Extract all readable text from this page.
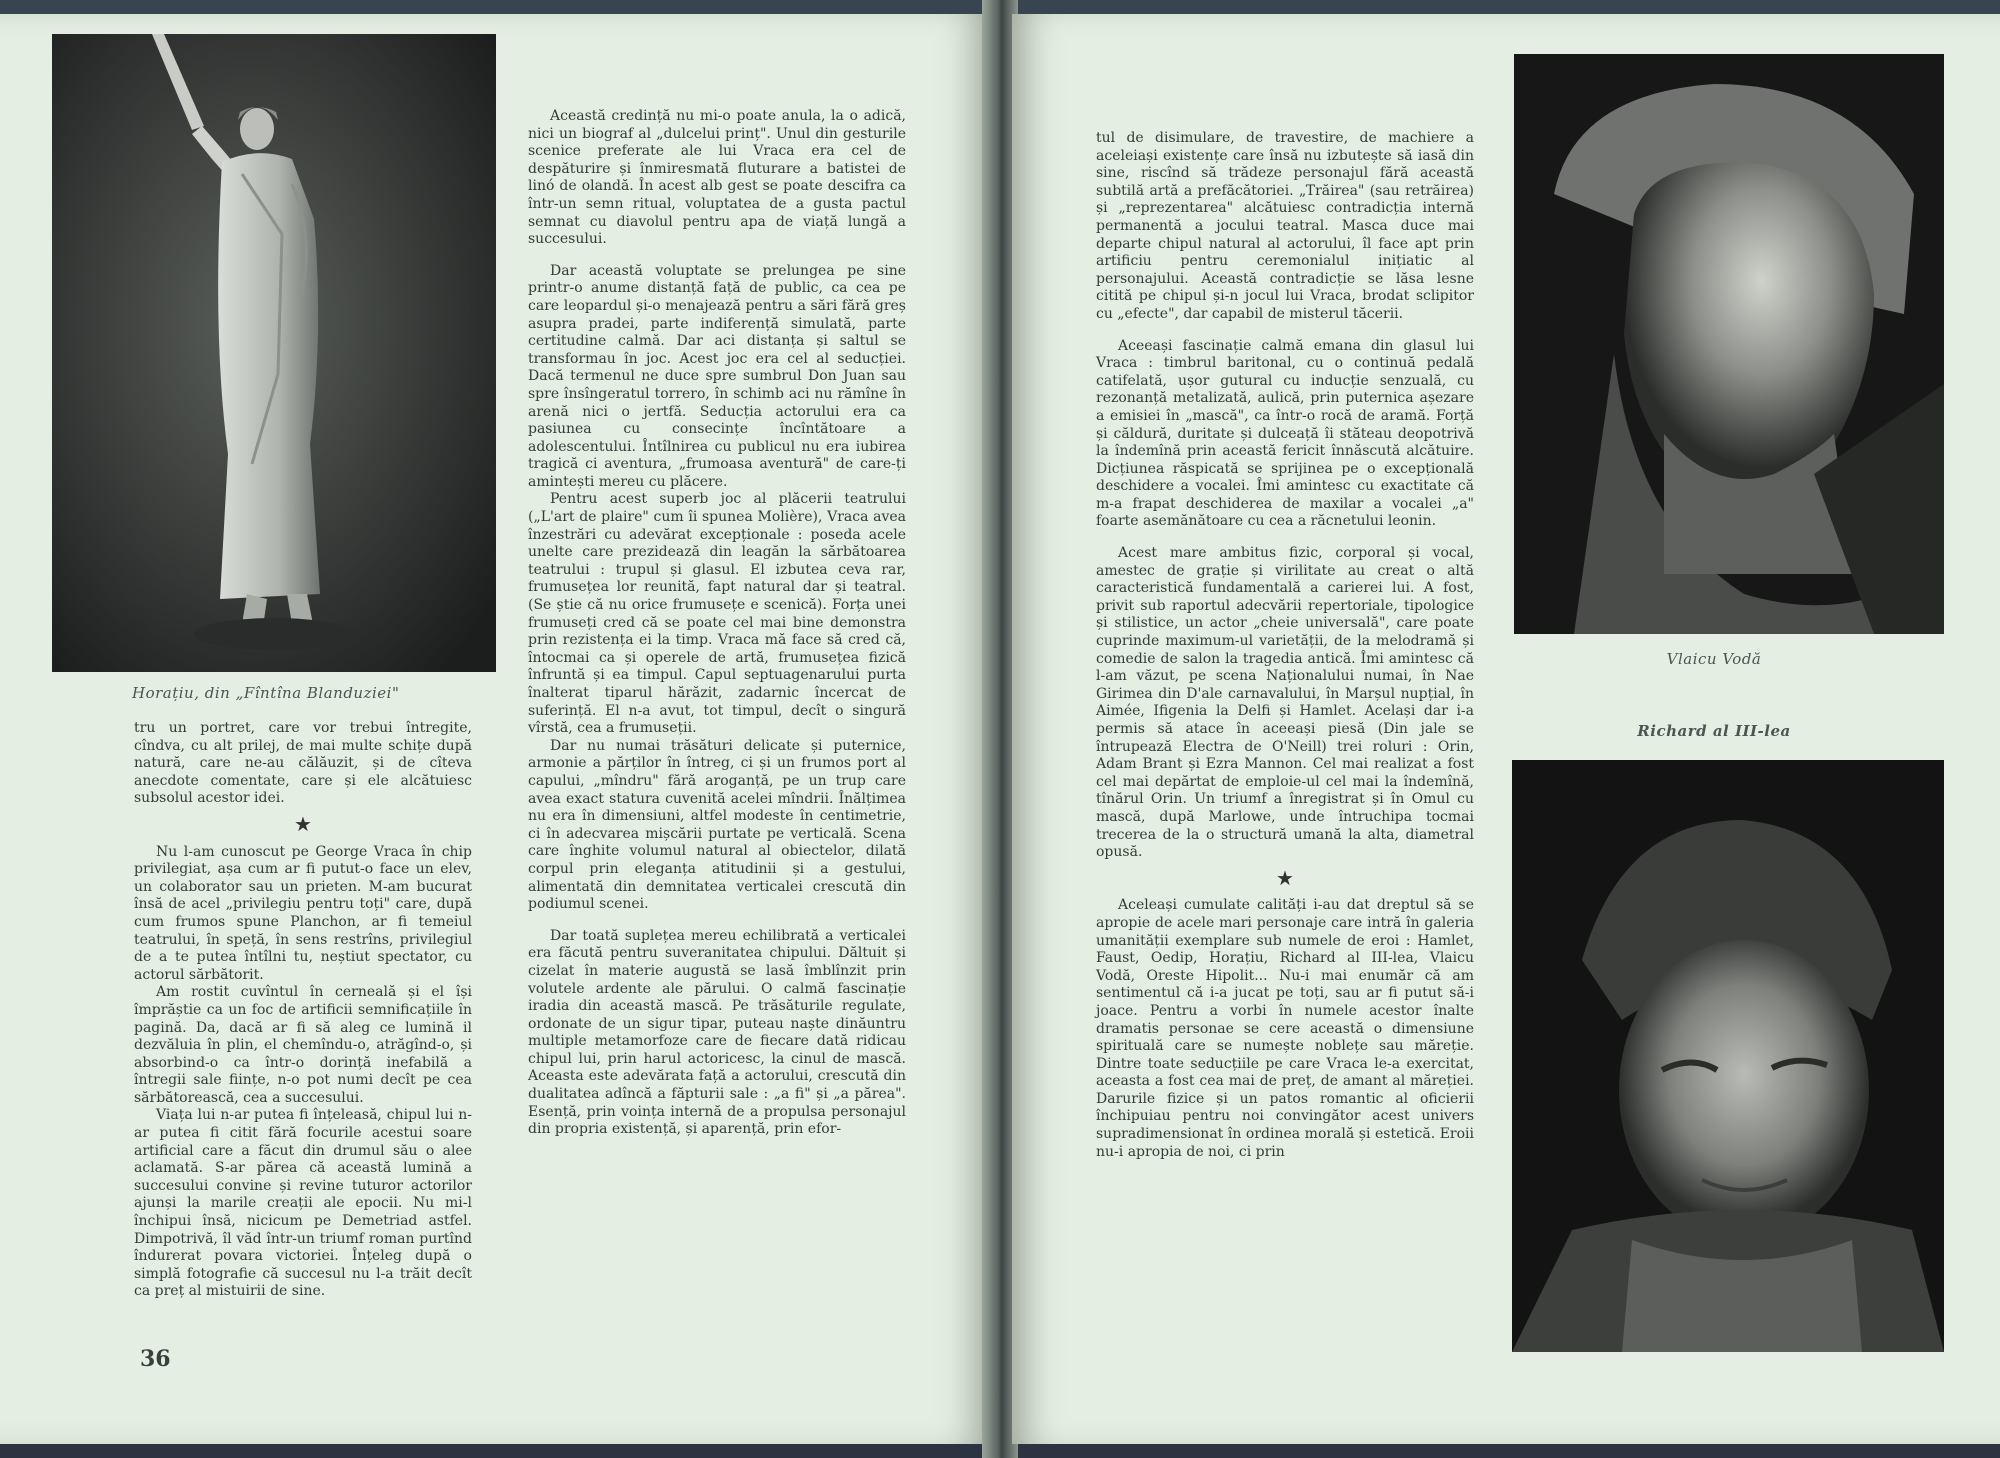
Horațiu, din „Fîntîna Blanduziei"

tru un portret, care vor trebui întregite, cîndva, cu alt prilej, de mai multe schițe după natură, care ne-au călăuzit, și de cîteva anecdote comentate, care și ele alcătuiesc subsolul acestor idei.

★

Nu l-am cunoscut pe George Vraca în chip privilegiat, așa cum ar fi putut-o face un elev, un colaborator sau un prieten. M-am bucurat însă de acel „privilegiu pentru toți" care, după cum frumos spune Planchon, ar fi temeiul teatrului, în speță, în sens restrîns, privilegiul de a te putea întîlni tu, neștiut spectator, cu actorul sărbătorit.

Am rostit cuvîntul în cerneală și el își împrăștie ca un foc de artificii semnificațiile în pagină. Da, dacă ar fi să aleg ce lumină il dezvăluia în plin, el chemîndu-o, atrăgînd-o, și absorbind-o ca într-o dorință inefabilă a întregii sale ființe, n-o pot numi decît pe cea sărbătorească, cea a succesului.

Viața lui n-ar putea fi înțeleasă, chipul lui n-ar putea fi citit fără focurile acestui soare artificial care a făcut din drumul său o alee aclamată. S-ar părea că această lumină a succesului convine și revine tuturor actorilor ajunși la marile creații ale epocii. Nu mi-l închipui însă, nicicum pe Demetriad astfel. Dimpotrivă, îl văd într-un triumf roman purtînd îndurerat povara victoriei. Înțeleg după o simplă fotografie că succesul nu l-a trăit decît ca preț al mistuirii de sine.

Această credință nu mi-o poate anula, la o adică, nici un biograf al „dulcelui prinț". Unul din gesturile scenice preferate ale lui Vraca era cel de despăturire și înmiresmată fluturare a batistei de linó de olandă. În acest alb gest se poate descifra ca într-un semn ritual, voluptatea de a gusta pactul semnat cu diavolul pentru apa de viață lungă a succesului.

Dar această voluptate se prelungea pe sine printr-o anume distanță față de public, ca cea pe care leopardul și-o menajează pentru a sări fără greș asupra pradei, parte indiferență simulată, parte certitudine calmă. Dar aci distanța și saltul se transformau în joc. Acest joc era cel al seducției. Dacă termenul ne duce spre sumbrul Don Juan sau spre însîngeratul torrero, în schimb aci nu rămîne în arenă nici o jertfă. Seducția actorului era ca pasiunea cu consecințe încîntătoare a adolescentului. Întîlnirea cu publicul nu era iubirea tragică ci aventura, „frumoasa aventură" de care-ți amintești mereu cu plăcere.

Pentru acest superb joc al plăcerii teatrului („L'art de plaire" cum îi spunea Molière), Vraca avea înzestrări cu adevărat excepționale : poseda acele unelte care prezidează din leagăn la sărbătoarea teatrului : trupul și glasul. El izbutea ceva rar, frumusețea lor reunită, fapt natural dar și teatral. (Se știe că nu orice frumusețe e scenică). Forța unei frumuseți cred că se poate cel mai bine demonstra prin rezistența ei la timp. Vraca mă face să cred că, întocmai ca și operele de artă, frumusețea fizică înfruntă și ea timpul. Capul septuagenarului purta înalterat tiparul hărăzit, zadarnic încercat de suferință. El n-a avut, tot timpul, decît o singură vîrstă, cea a frumuseții.

Dar nu numai trăsături delicate și puternice, armonie a părților în întreg, ci și un frumos port al capului, „mîndru" fără aroganță, pe un trup care avea exact statura cuvenită acelei mîndrii. Înălțimea nu era în dimensiuni, altfel modeste în centimetrie, ci în adecvarea mișcării purtate pe verticală. Scena care înghite volumul natural al obiectelor, dilată corpul prin eleganța atitudinii și a gestului, alimentată din demnitatea verticalei crescută din podiumul scenei.

Dar toată suplețea mereu echilibrată a verticalei era făcută pentru suveranitatea chipului. Dăltuit și cizelat în materie augustă se lasă îmblînzit prin volutele ardente ale părului. O calmă fascinație iradia din această mască. Pe trăsăturile regulate, ordonate de un sigur tipar, puteau naște dinăuntru multiple metamorfoze care de fiecare dată ridicau chipul lui, prin harul actoricesc, la cinul de mască. Aceasta este adevărata față a actorului, crescută din dualitatea adîncă a făpturii sale : „a fi" și „a părea". Esență, prin voința internă de a propulsa personajul din propria existență, și aparență, prin efor-

36

tul de disimulare, de travestire, de machiere a aceleiași existențe care însă nu izbutește să iasă din sine, riscînd să trădeze personajul fără această subtilă artă a prefăcătoriei. „Trăirea" (sau retrăirea) și „reprezentarea" alcătuiesc contradicția internă permanentă a jocului teatral. Masca duce mai departe chipul natural al actorului, îl face apt prin artificiu pentru ceremonialul inițiatic al personajului. Această contradicție se lăsa lesne citită pe chipul și-n jocul lui Vraca, brodat sclipitor cu „efecte", dar capabil de misterul tăcerii.

Aceeași fascinație calmă emana din glasul lui Vraca : timbrul baritonal, cu o continuă pedală catifelată, ușor gutural cu inducție senzuală, cu rezonanță metalizată, aulică, prin puternica așezare a emisiei în „mască", ca într-o rocă de aramă. Forță și căldură, duritate și dulceață îi stăteau deopotrivă la îndemînă prin această fericit înnăscută alcătuire. Dicțiunea răspicată se sprijinea pe o excepțională deschidere a vocalei. Îmi amintesc cu exactitate că m-a frapat deschiderea de maxilar a vocalei „a" foarte asemănătoare cu cea a răcnetului leonin.

Acest mare ambitus fizic, corporal și vocal, amestec de grație și virilitate au creat o altă caracteristică fundamentală a carierei lui. A fost, privit sub raportul adecvării repertoriale, tipologice și stilistice, un actor „cheie universală", care poate cuprinde maximum-ul varietății, de la melodramă și comedie de salon la tragedia antică. Îmi amintesc că l-am văzut, pe scena Naționalului numai, în Nae Girimea din D'ale carnavalului, în Marșul nupțial, în Aimée, Ifigenia la Delfi și Hamlet. Același dar i-a permis să atace în aceeași piesă (Din jale se întrupează Electra de O'Neill) trei roluri : Orin, Adam Brant și Ezra Mannon. Cel mai realizat a fost cel mai depărtat de emploie-ul cel mai la îndemînă, tînărul Orin. Un triumf a înregistrat și în Omul cu mască, după Marlowe, unde întruchipa tocmai trecerea de la o structură umană la alta, diametral opusă.

★

Aceleași cumulate calități i-au dat dreptul să se apropie de acele mari personaje care intră în galeria umanității exemplare sub numele de eroi : Hamlet, Faust, Oedip, Horațiu, Richard al III-lea, Vlaicu Vodă, Oreste Hipolit... Nu-i mai enumăr că am sentimentul că i-a jucat pe toți, sau ar fi putut să-i joace. Pentru a vorbi în numele acestor înalte dramatis personae se cere această o dimensiune spirituală care se numește noblețe sau măreție. Dintre toate seducțiile pe care Vraca le-a exercitat, aceasta a fost cea mai de preț, de amant al măreției. Darurile fizice și un patos romantic al oficierii închipuiau pentru noi convingător acest univers supradimensionat în ordinea morală și estetică. Eroii nu-i apropia de noi, ci prin

Vlaicu Vodă
Richard al III-lea
